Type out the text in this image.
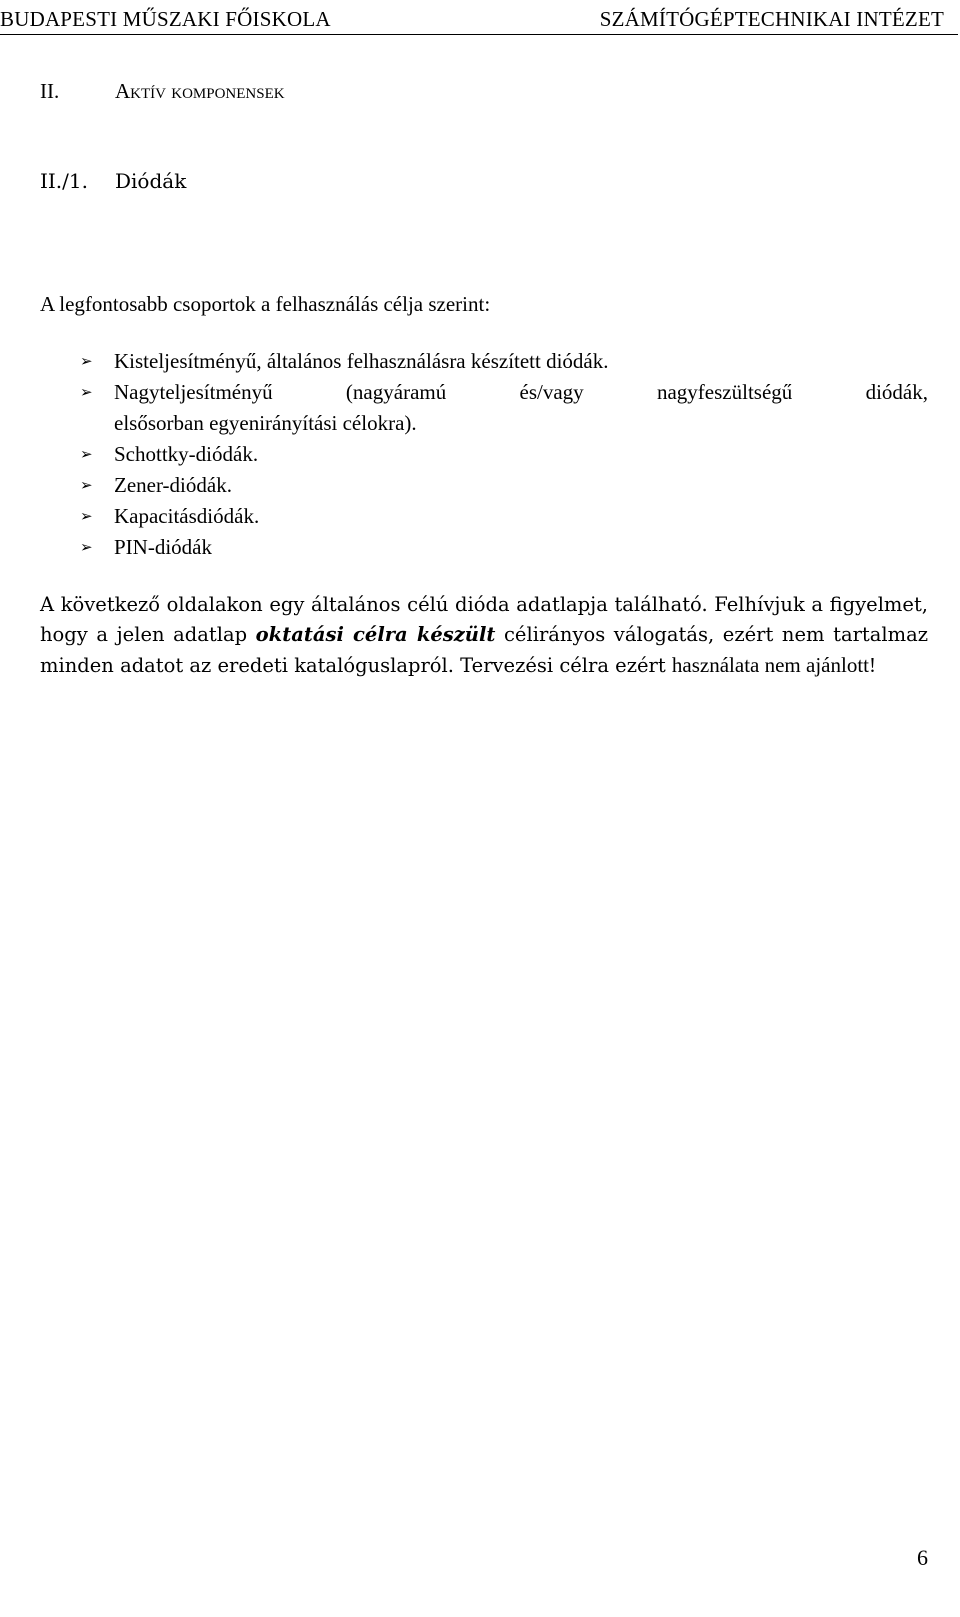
BUDAPESTI MŰSZAKI FŐISKOLA	SZÁMÍTÓGÉPTECHNIKAI INTÉZET
II.	Aktív komponensek
II./1. Diódák
A legfontosabb csoportok a felhasználás célja szerint:
➢ Kisteljesítményű, általános felhasználásra készített diódák.
➢ Nagyteljesítményű (nagyáramú és/vagy nagyfeszültségű diódák,
elsősorban egyenirányítási célokra).
➢ Schottky-diódák.
➢ Zener-diódák.
➢ Kapacitásdiódák.
➢ PIN-diódák
A következő oldalakon egy általános célú dióda adatlapja található. Felhívjuk a figyelmet, hogy a jelen adatlap oktatási célra készült célirányos válogatás, ezért nem tartalmaz minden adatot az eredeti katalóguslapról. Tervezési célra ezért használata nem ajánlott!
6
